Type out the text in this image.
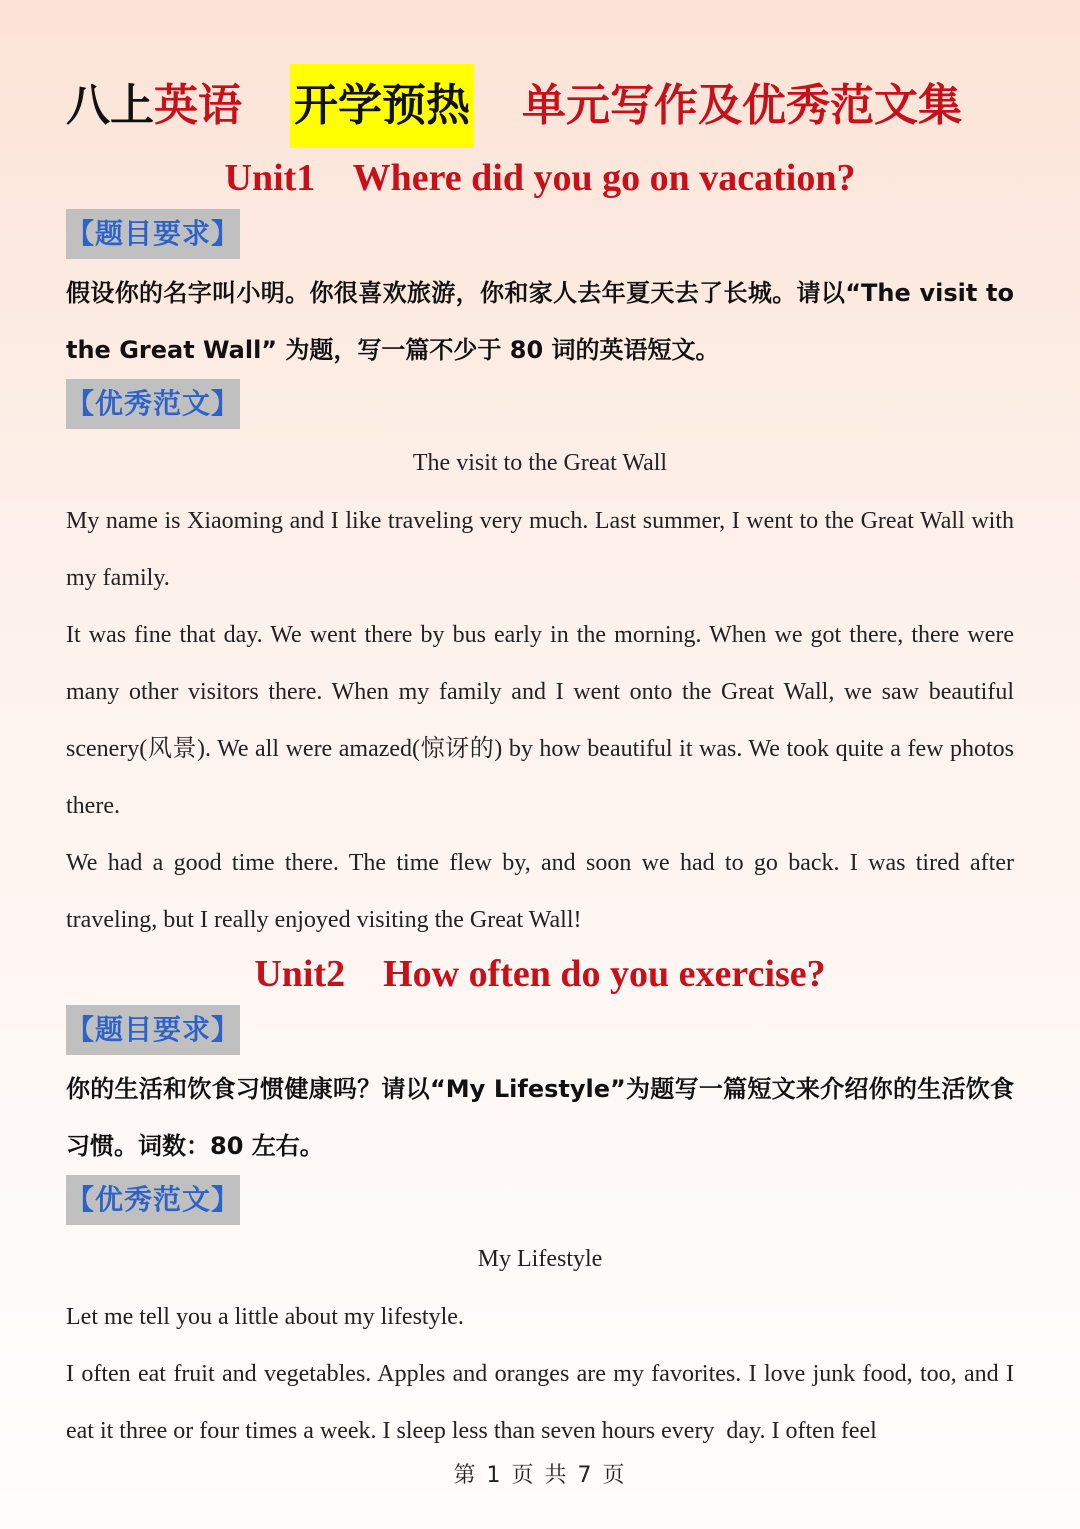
八上英语 开学预热 单元写作及优秀范文集
Unit1    Where did you go on vacation?
【题目要求】
假设你的名字叫小明。你很喜欢旅游，你和家人去年夏天去了长城。请以“The visit to the Great Wall” 为题，写一篇不少于 80 词的英语短文。
【优秀范文】
The visit to the Great Wall
My name is Xiaoming and I like traveling very much. Last summer, I went to the Great Wall with my family.
It was fine that day. We went there by bus early in the morning. When we got there, there were many other visitors there. When my family and I went onto the Great Wall, we saw beautiful scenery(风景). We all were amazed(惊讶的) by how beautiful it was. We took quite a few photos there.
We had a good time there. The time flew by, and soon we had to go back. I was tired after traveling, but I really enjoyed visiting the Great Wall!
Unit2    How often do you exercise?
【题目要求】
你的生活和饮食习惯健康吗？请以“My Lifestyle”为题写一篇短文来介绍你的生活饮食习惯。词数：80 左右。
【优秀范文】
My Lifestyle
Let me tell you a little about my lifestyle.
I often eat fruit and vegetables. Apples and oranges are my favorites. I love junk food, too, and I eat it three or four times a week. I sleep less than seven hours every  day. I often feel
第 1 页 共 7 页
